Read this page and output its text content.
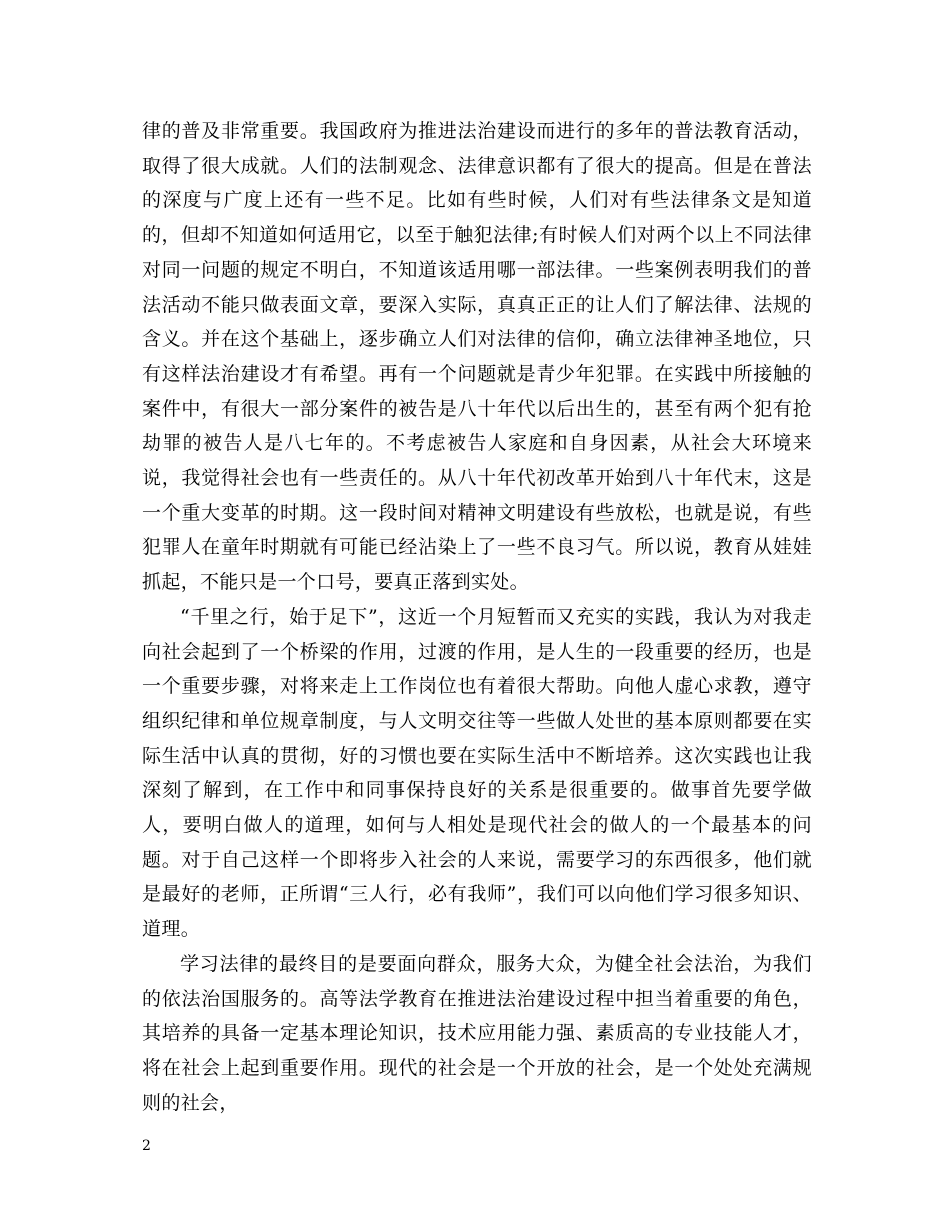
律的普及非常重要。我国政府为推进法治建设而进行的多年的普法教育活动，取得了很大成就。人们的法制观念、法律意识都有了很大的提高。但是在普法的深度与广度上还有一些不足。比如有些时候，人们对有些法律条文是知道的，但却不知道如何适用它，以至于触犯法律;有时候人们对两个以上不同法律对同一问题的规定不明白，不知道该适用哪一部法律。一些案例表明我们的普法活动不能只做表面文章，要深入实际，真真正正的让人们了解法律、法规的含义。并在这个基础上，逐步确立人们对法律的信仰，确立法律神圣地位，只有这样法治建设才有希望。再有一个问题就是青少年犯罪。在实践中所接触的案件中，有很大一部分案件的被告是八十年代以后出生的，甚至有两个犯有抢劫罪的被告人是八七年的。不考虑被告人家庭和自身因素，从社会大环境来说，我觉得社会也有一些责任的。从八十年代初改革开始到八十年代末，这是一个重大变革的时期。这一段时间对精神文明建设有些放松，也就是说，有些犯罪人在童年时期就有可能已经沾染上了一些不良习气。所以说，教育从娃娃抓起，不能只是一个口号，要真正落到实处。

“千里之行，始于足下”，这近一个月短暂而又充实的实践，我认为对我走向社会起到了一个桥梁的作用，过渡的作用，是人生的一段重要的经历，也是一个重要步骤，对将来走上工作岗位也有着很大帮助。向他人虚心求教，遵守组织纪律和单位规章制度，与人文明交往等一些做人处世的基本原则都要在实际生活中认真的贯彻，好的习惯也要在实际生活中不断培养。这次实践也让我深刻了解到，在工作中和同事保持良好的关系是很重要的。做事首先要学做人，要明白做人的道理，如何与人相处是现代社会的做人的一个最基本的问题。对于自己这样一个即将步入社会的人来说，需要学习的东西很多，他们就是最好的老师，正所谓“三人行，必有我师”，我们可以向他们学习很多知识、道理。

学习法律的最终目的是要面向群众，服务大众，为健全社会法治，为我们的依法治国服务的。高等法学教育在推进法治建设过程中担当着重要的角色，其培养的具备一定基本理论知识，技术应用能力强、素质高的专业技能人才，将在社会上起到重要作用。现代的社会是一个开放的社会，是一个处处充满规则的社会，

2
